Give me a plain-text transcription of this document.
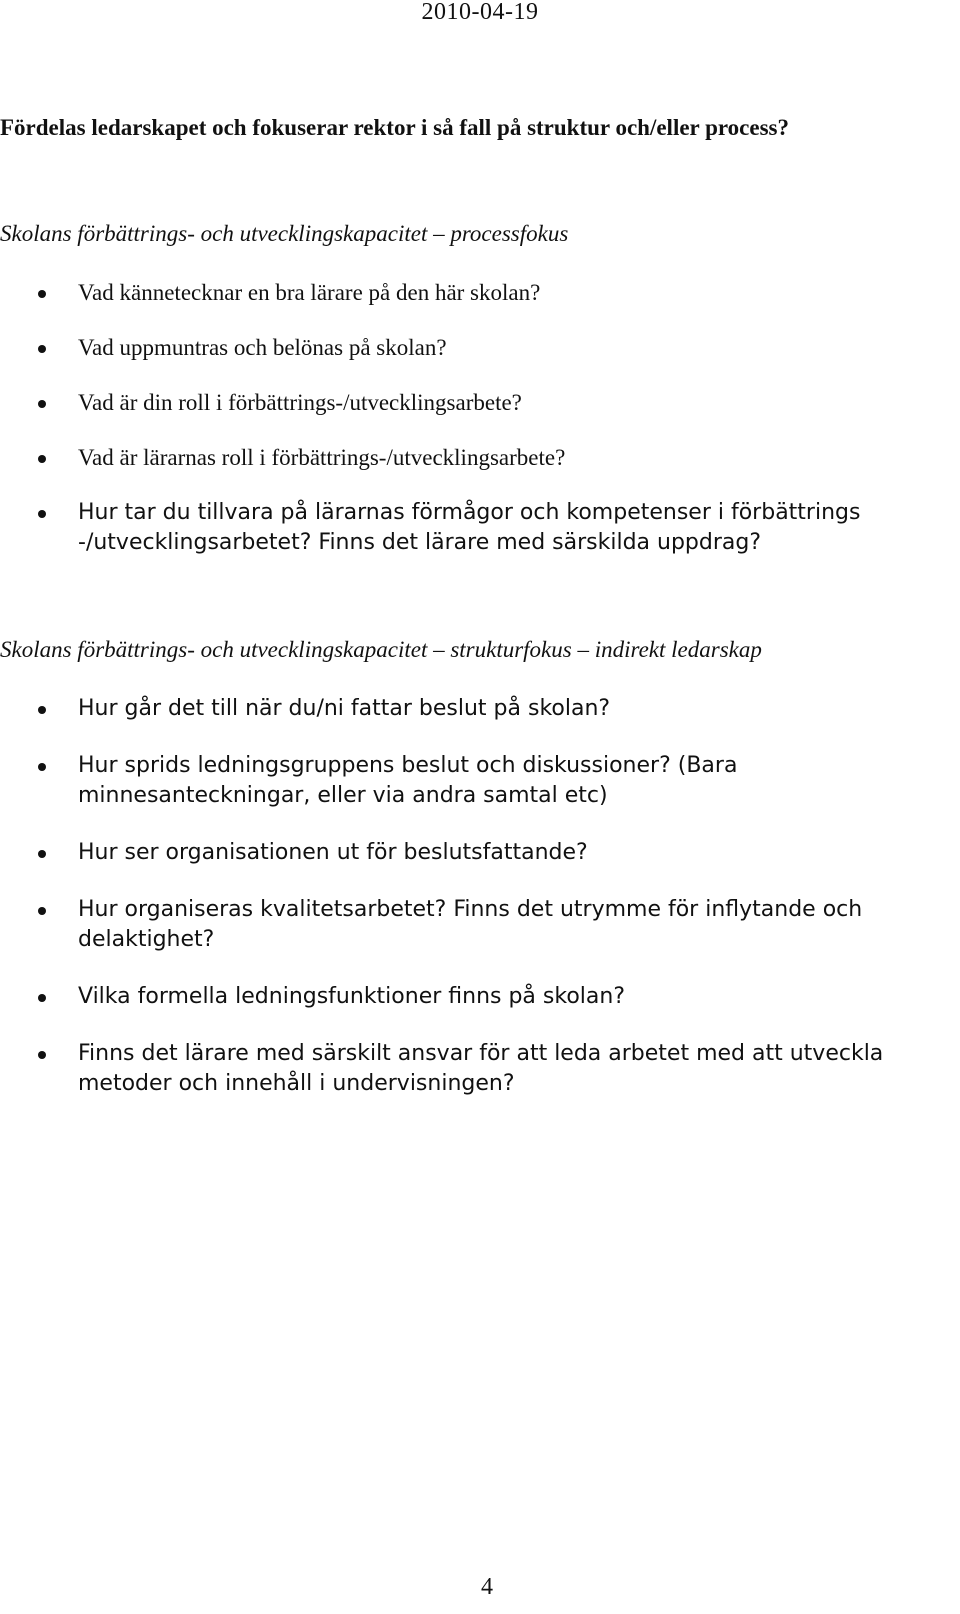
2010-04-19
Fördelas ledarskapet och fokuserar rektor i så fall på struktur och/eller process?
Skolans förbättrings- och utvecklingskapacitet – processfokus
Vad kännetecknar en bra lärare på den här skolan?
Vad uppmuntras och belönas på skolan?
Vad är din roll i förbättrings-/utvecklingsarbete?
Vad är lärarnas roll i förbättrings-/utvecklingsarbete?
Hur tar du tillvara på lärarnas förmågor och kompetenser i förbättrings -/utvecklingsarbetet? Finns det lärare med särskilda uppdrag?
Skolans förbättrings- och utvecklingskapacitet – strukturfokus – indirekt ledarskap
Hur går det till när du/ni fattar beslut på skolan?
Hur sprids ledningsgruppens beslut och diskussioner? (Bara minnesanteckningar, eller via andra samtal etc)
Hur ser organisationen ut för beslutsfattande?
Hur organiseras kvalitetsarbetet? Finns det utrymme för inflytande och delaktighet?
Vilka formella ledningsfunktioner finns på skolan?
Finns det lärare med särskilt ansvar för att leda arbetet med att utveckla metoder och innehåll i undervisningen?
4
